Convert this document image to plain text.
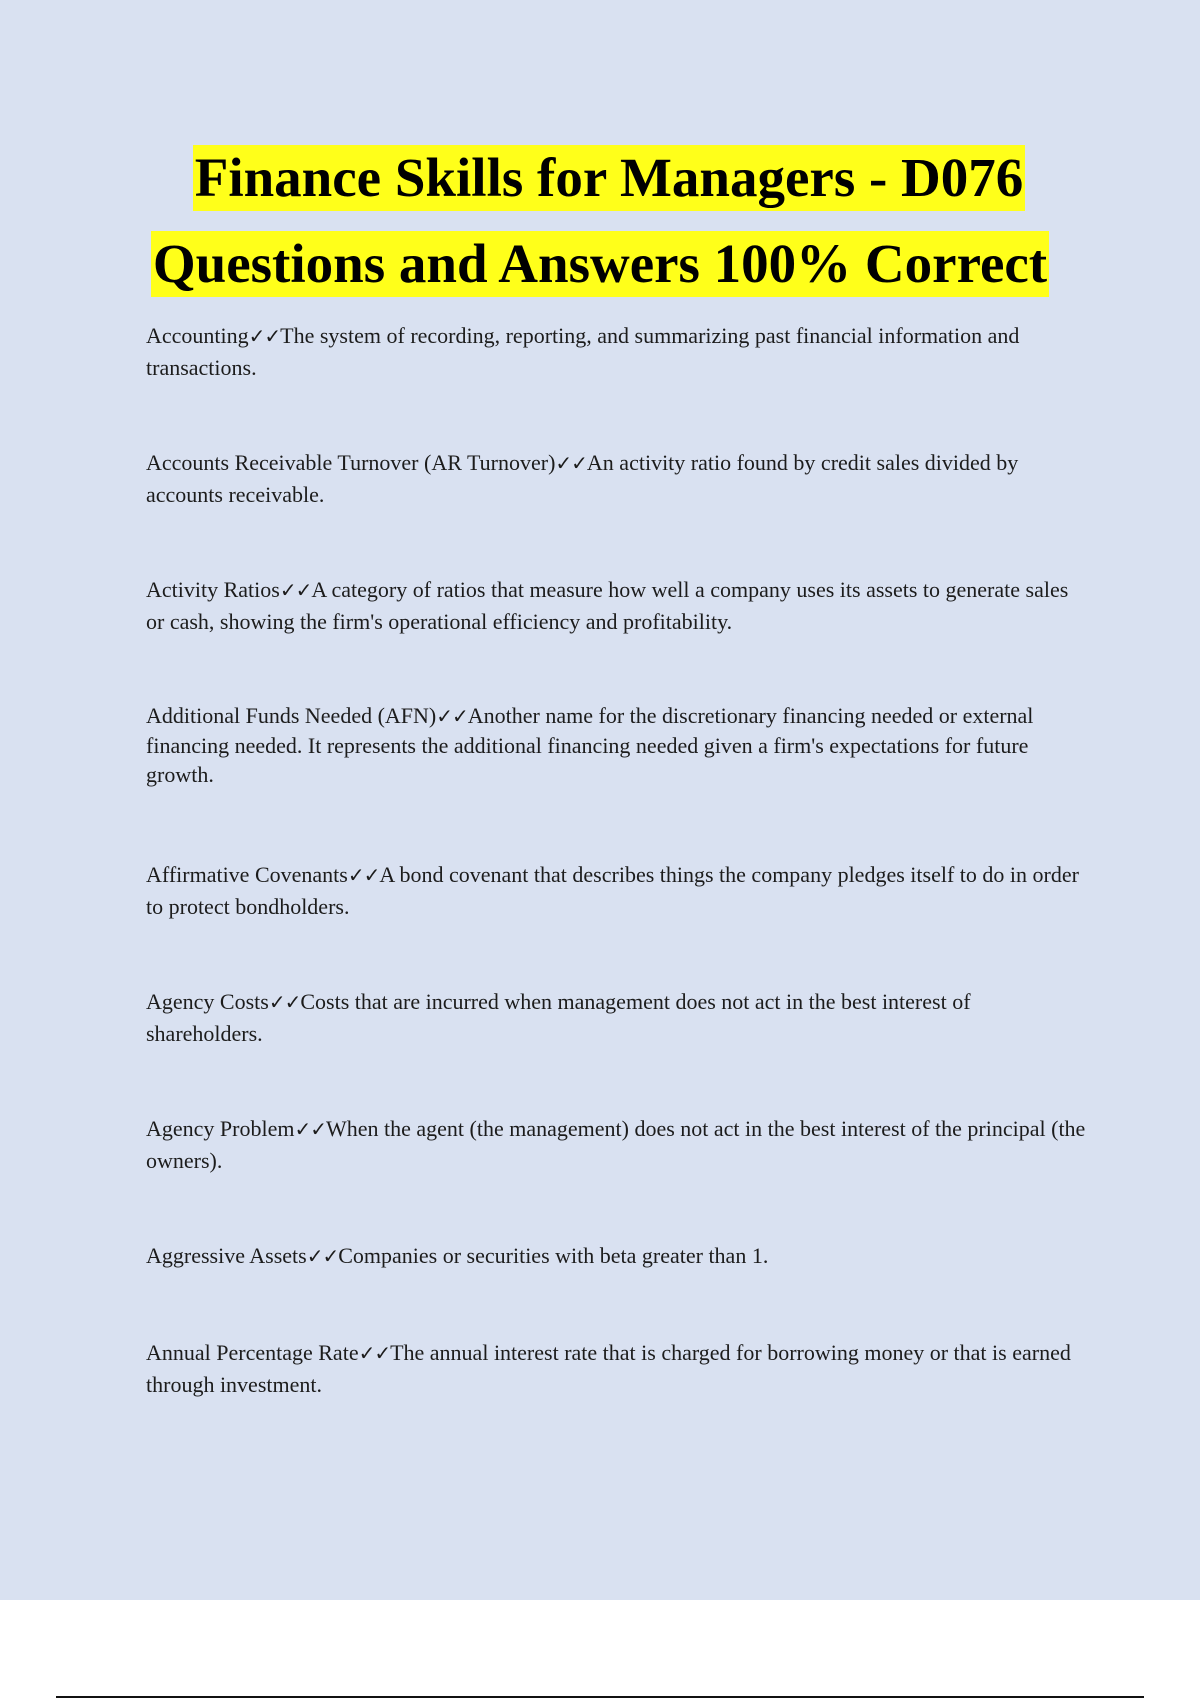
Finance Skills for Managers - D076
Questions and Answers 100% Correct

Accounting✓✓The system of recording, reporting, and summarizing past financial information and transactions.

Accounts Receivable Turnover (AR Turnover)✓✓An activity ratio found by credit sales divided by accounts receivable.

Activity Ratios✓✓A category of ratios that measure how well a company uses its assets to generate sales or cash, showing the firm's operational efficiency and profitability.

Additional Funds Needed (AFN)✓✓Another name for the discretionary financing needed or external financing needed. It represents the additional financing needed given a firm's expectations for future growth.

Affirmative Covenants✓✓A bond covenant that describes things the company pledges itself to do in order to protect bondholders.

Agency Costs✓✓Costs that are incurred when management does not act in the best interest of shareholders.

Agency Problem✓✓When the agent (the management) does not act in the best interest of the principal (the owners).

Aggressive Assets✓✓Companies or securities with beta greater than 1.

Annual Percentage Rate✓✓The annual interest rate that is charged for borrowing money or that is earned through investment.
